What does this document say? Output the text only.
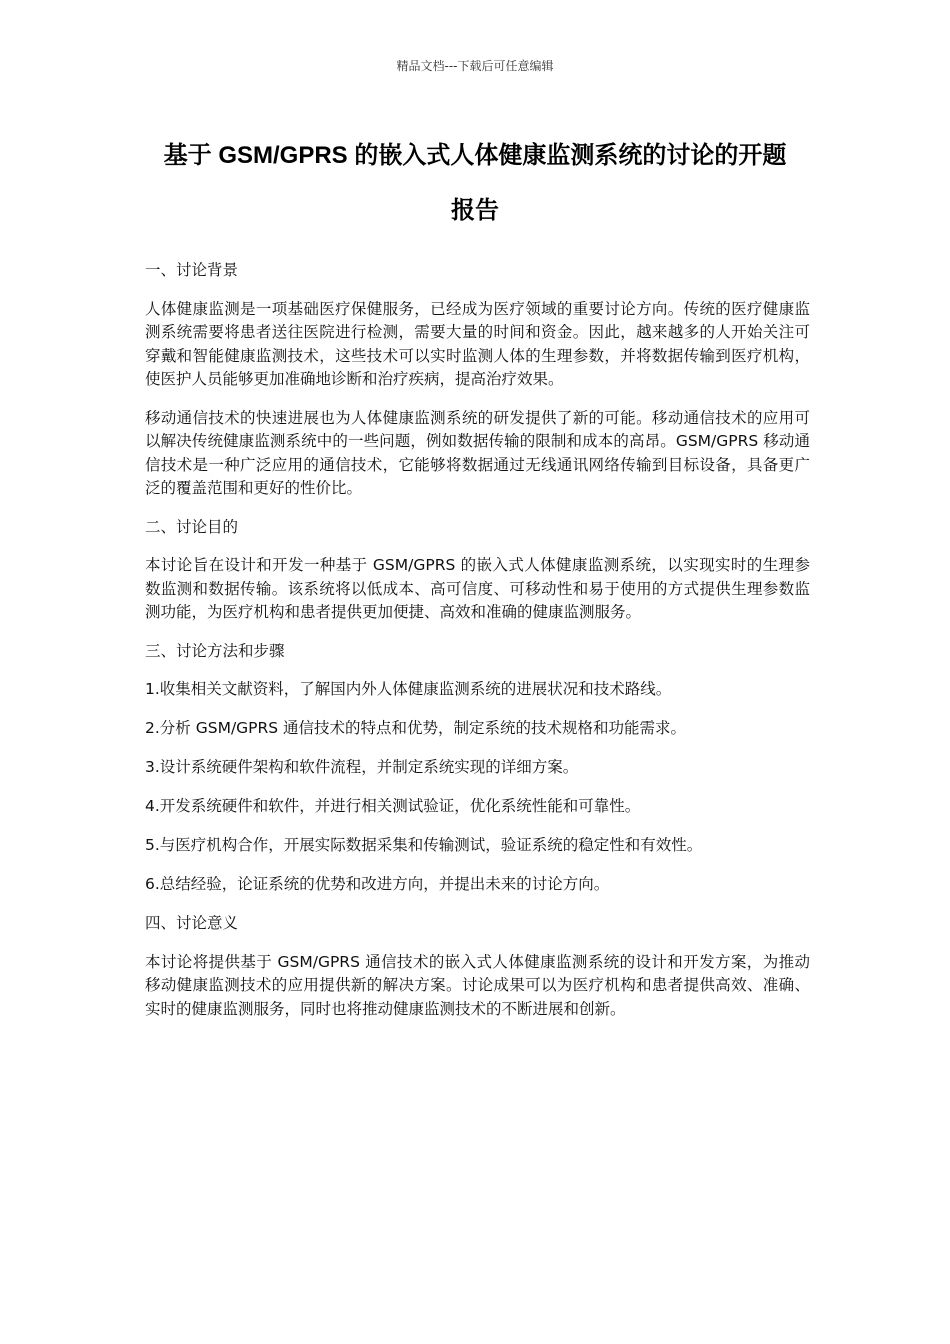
精品文档---下载后可任意编辑
基于 GSM/GPRS 的嵌入式人体健康监测系统的讨论的开题
报告

一、讨论背景

人体健康监测是一项基础医疗保健服务，已经成为医疗领域的重要讨论方向。传统的医疗健康监测系统需要将患者送往医院进行检测，需要大量的时间和资金。因此，越来越多的人开始关注可穿戴和智能健康监测技术，这些技术可以实时监测人体的生理参数，并将数据传输到医疗机构，使医护人员能够更加准确地诊断和治疗疾病，提高治疗效果。

移动通信技术的快速进展也为人体健康监测系统的研发提供了新的可能。移动通信技术的应用可以解决传统健康监测系统中的一些问题，例如数据传输的限制和成本的高昂。GSM/GPRS 移动通信技术是一种广泛应用的通信技术，它能够将数据通过无线通讯网络传输到目标设备，具备更广泛的覆盖范围和更好的性价比。

二、讨论目的

本讨论旨在设计和开发一种基于 GSM/GPRS 的嵌入式人体健康监测系统，以实现实时的生理参数监测和数据传输。该系统将以低成本、高可信度、可移动性和易于使用的方式提供生理参数监测功能，为医疗机构和患者提供更加便捷、高效和准确的健康监测服务。

三、讨论方法和步骤

1.收集相关文献资料，了解国内外人体健康监测系统的进展状况和技术路线。

2.分析 GSM/GPRS 通信技术的特点和优势，制定系统的技术规格和功能需求。

3.设计系统硬件架构和软件流程，并制定系统实现的详细方案。

4.开发系统硬件和软件，并进行相关测试验证，优化系统性能和可靠性。

5.与医疗机构合作，开展实际数据采集和传输测试，验证系统的稳定性和有效性。

6.总结经验，论证系统的优势和改进方向，并提出未来的讨论方向。

四、讨论意义

本讨论将提供基于 GSM/GPRS 通信技术的嵌入式人体健康监测系统的设计和开发方案，为推动移动健康监测技术的应用提供新的解决方案。讨论成果可以为医疗机构和患者提供高效、准确、实时的健康监测服务，同时也将推动健康监测技术的不断进展和创新。
